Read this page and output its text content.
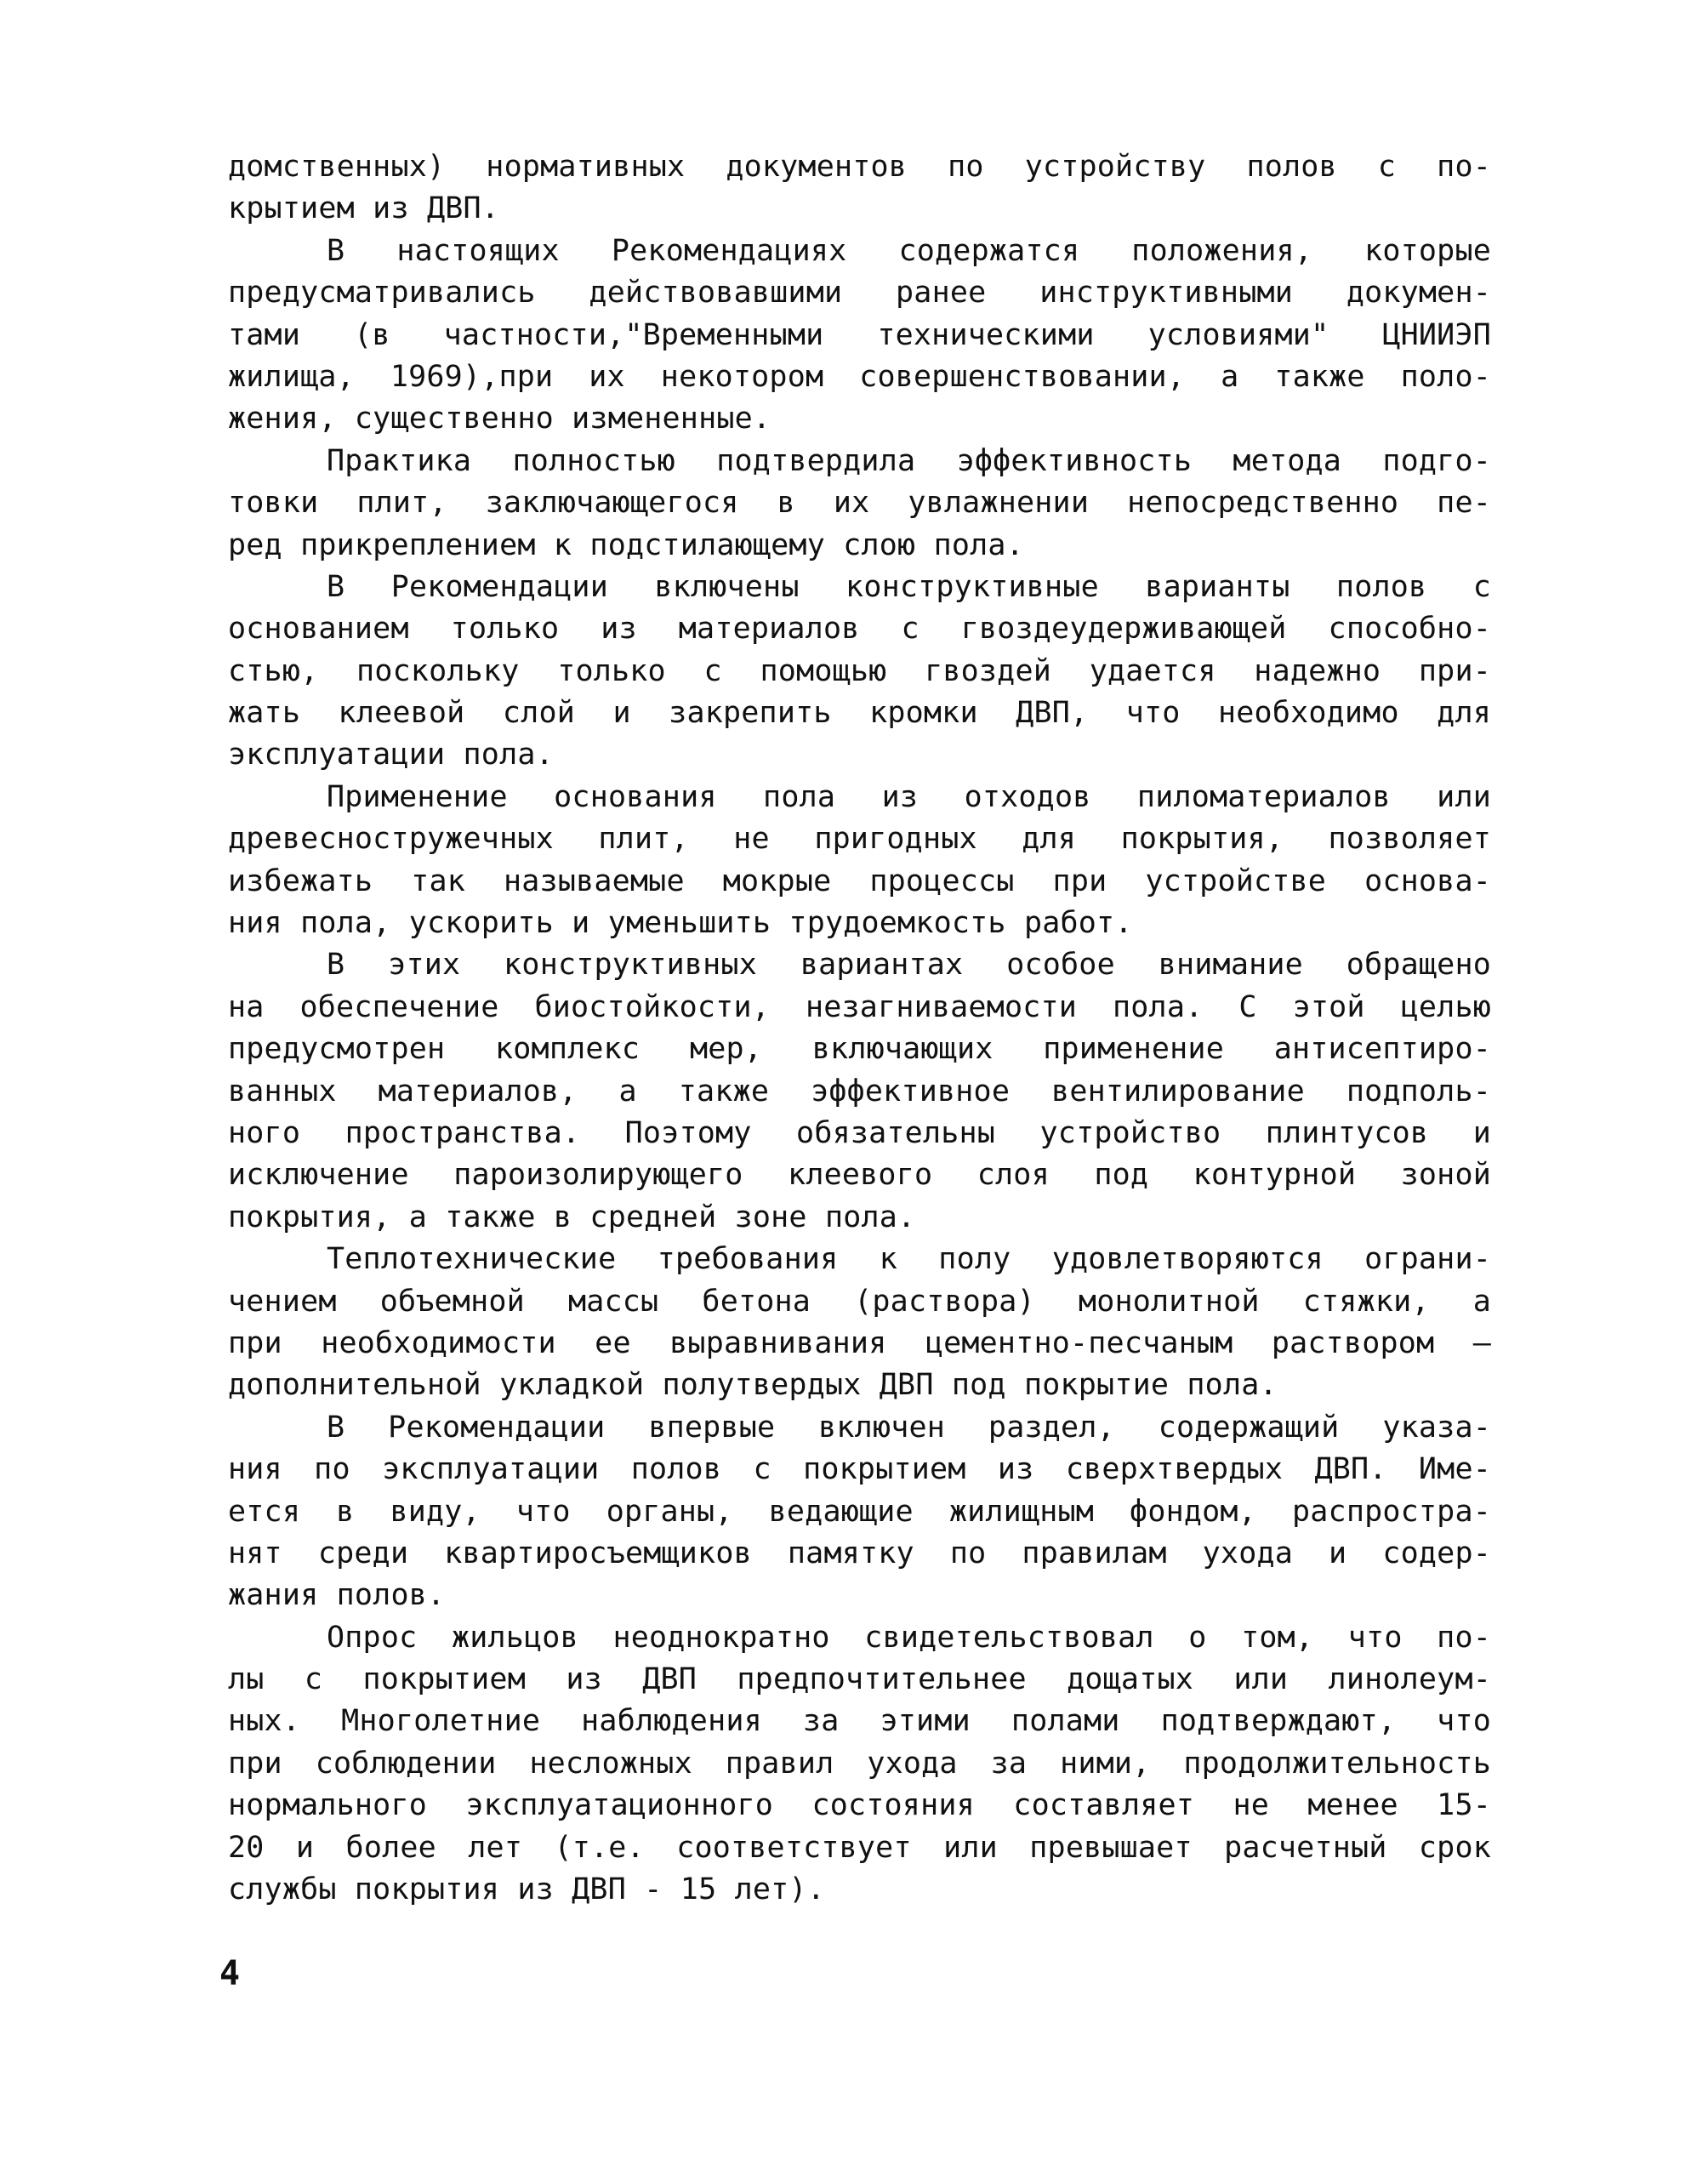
домственных) нормативных документов по устройству полов с по-
крытием из ДВП.
В настоящих Рекомендациях содержатся положения, которые
предусматривались действовавшими ранее инструктивными докумен-
тами (в частности,"Временными техническими условиями" ЦНИИЭП
жилища, 1969),при их некотором совершенствовании, а также поло-
жения, существенно измененные.
Практика полностью подтвердила эффективность метода подго-
товки плит, заключающегося в их увлажнении непосредственно пе-
ред прикреплением к подстилающему слою пола.
В Рекомендации включены конструктивные варианты полов с
основанием только из материалов с гвоздеудерживающей способно-
стью, поскольку только с помощью гвоздей удается надежно при-
жать клеевой слой и закрепить кромки ДВП, что необходимо для
эксплуатации пола.
Применение основания пола из отходов пиломатериалов или
древесностружечных плит, не пригодных для покрытия, позволяет
избежать так называемые мокрые процессы при устройстве основа-
ния пола, ускорить и уменьшить трудоемкость работ.
В этих конструктивных вариантах особое внимание обращено
на обеспечение биостойкости, незагниваемости пола. С этой целью
предусмотрен комплекс мер, включающих применение антисептиро-
ванных материалов, а также эффективное вентилирование подполь-
ного пространства. Поэтому обязательны устройство плинтусов и
исключение пароизолирующего клеевого слоя под контурной зоной
покрытия, а также в средней зоне пола.
Теплотехнические требования к полу удовлетворяются ограни-
чением объемной массы бетона (раствора) монолитной стяжки, а
при необходимости ее выравнивания цементно-песчаным раствором —
дополнительной укладкой полутвердых ДВП под покрытие пола.
В Рекомендации впервые включен раздел, содержащий указа-
ния по эксплуатации полов с покрытием из сверхтвердых ДВП. Име-
ется в виду, что органы, ведающие жилищным фондом, распростра-
нят среди квартиросъемщиков памятку по правилам ухода и содер-
жания полов.
Опрос жильцов неоднократно свидетельствовал о том, что по-
лы с покрытием из ДВП предпочтительнее дощатых или линолеум-
ных. Многолетние наблюдения за этими полами подтверждают, что
при соблюдении несложных правил ухода за ними, продолжительность
нормального эксплуатационного состояния составляет не менее 15-
20 и более лет (т.е. соответствует или превышает расчетный срок
службы покрытия из ДВП - 15 лет).
4
